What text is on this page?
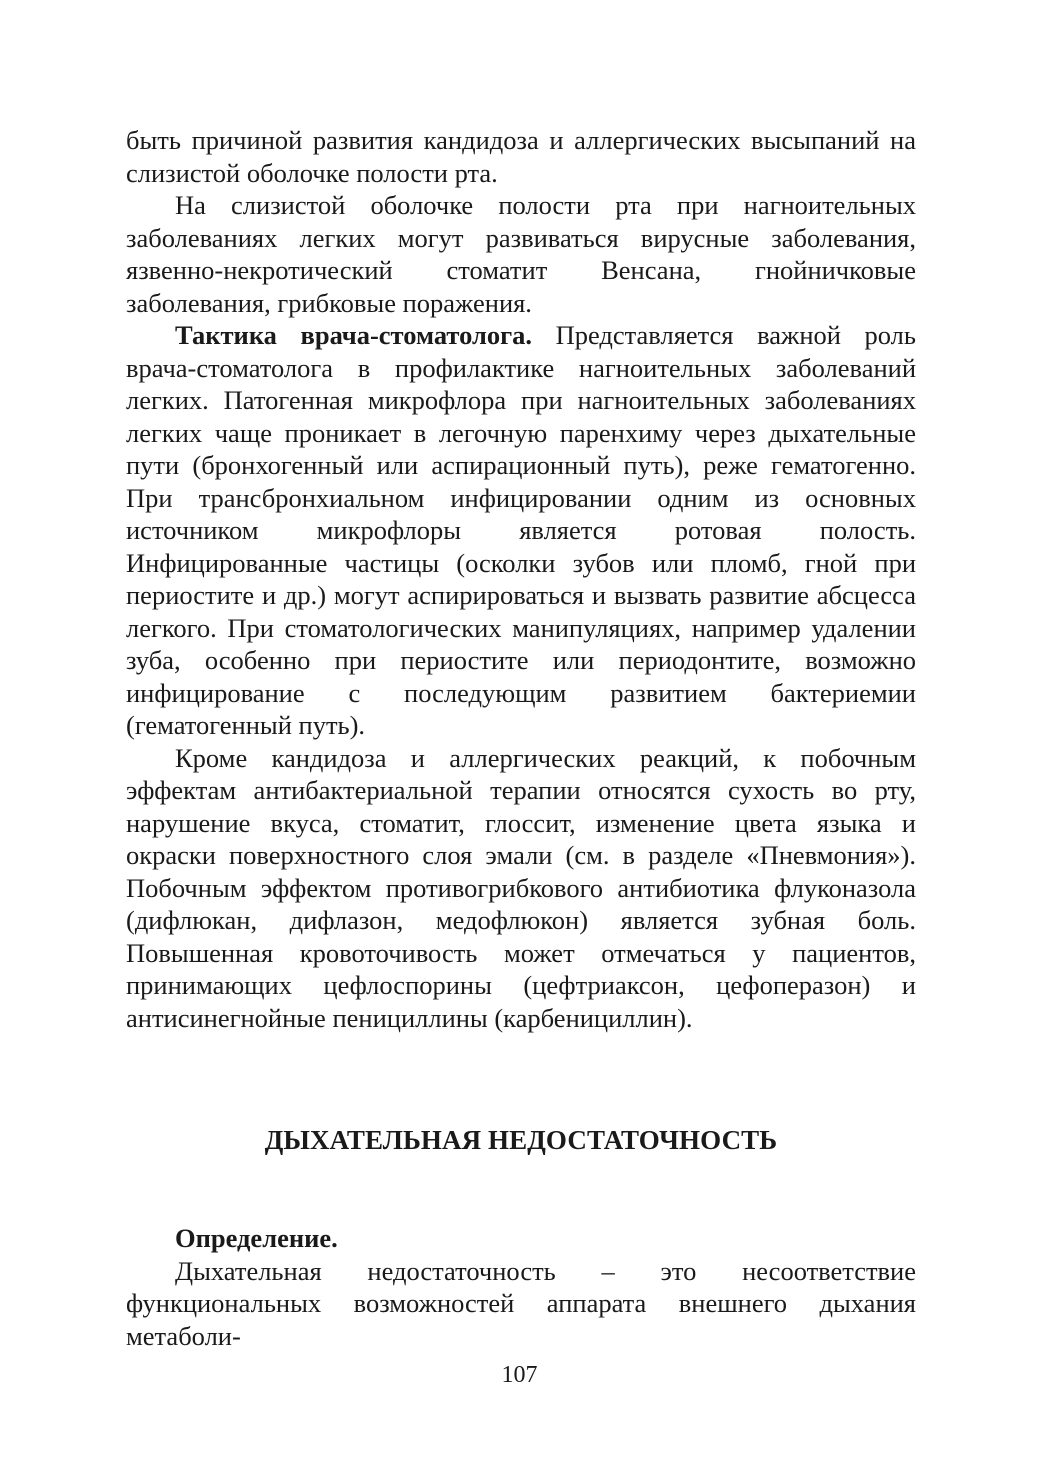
быть причиной развития кандидоза и аллергических высыпаний на слизистой оболочке полости рта.

На слизистой оболочке полости рта при нагноительных заболеваниях легких могут развиваться вирусные заболевания, язвенно-некротический стоматит Венсана, гнойничковые заболевания, грибковые поражения.

Тактика врача-стоматолога. Представляется важной роль врача-стоматолога в профилактике нагноительных заболеваний легких. Патогенная микрофлора при нагноительных заболеваниях легких чаще проникает в легочную паренхиму через дыхательные пути (бронхогенный или аспирационный путь), реже гематогенно. При трансбронхиальном инфицировании одним из основных источником микрофлоры является ротовая полость. Инфицированные частицы (осколки зубов или пломб, гной при периостите и др.) могут аспирироваться и вызвать развитие абсцесса легкого. При стоматологических манипуляциях, например удалении зуба, особенно при периостите или периодонтите, возможно инфицирование с последующим развитием бактериемии (гематогенный путь).

Кроме кандидоза и аллергических реакций, к побочным эффектам антибактериальной терапии относятся сухость во рту, нарушение вкуса, стоматит, глоссит, изменение цвета языка и окраски поверхностного слоя эмали (см. в разделе «Пневмония»). Побочным эффектом противогрибкового антибиотика флуконазола (дифлюкан, дифлазон, медофлюкон) является зубная боль. Повышенная кровоточивость может отмечаться у пациентов, принимающих цефлоспорины (цефтриаксон, цефоперазон) и антисинегнойные пенициллины (карбенициллин).

ДЫХАТЕЛЬНАЯ НЕДОСТАТОЧНОСТЬ

Определение.

Дыхательная недостаточность – это несоответствие функциональных возможностей аппарата внешнего дыхания метаболи-

107
